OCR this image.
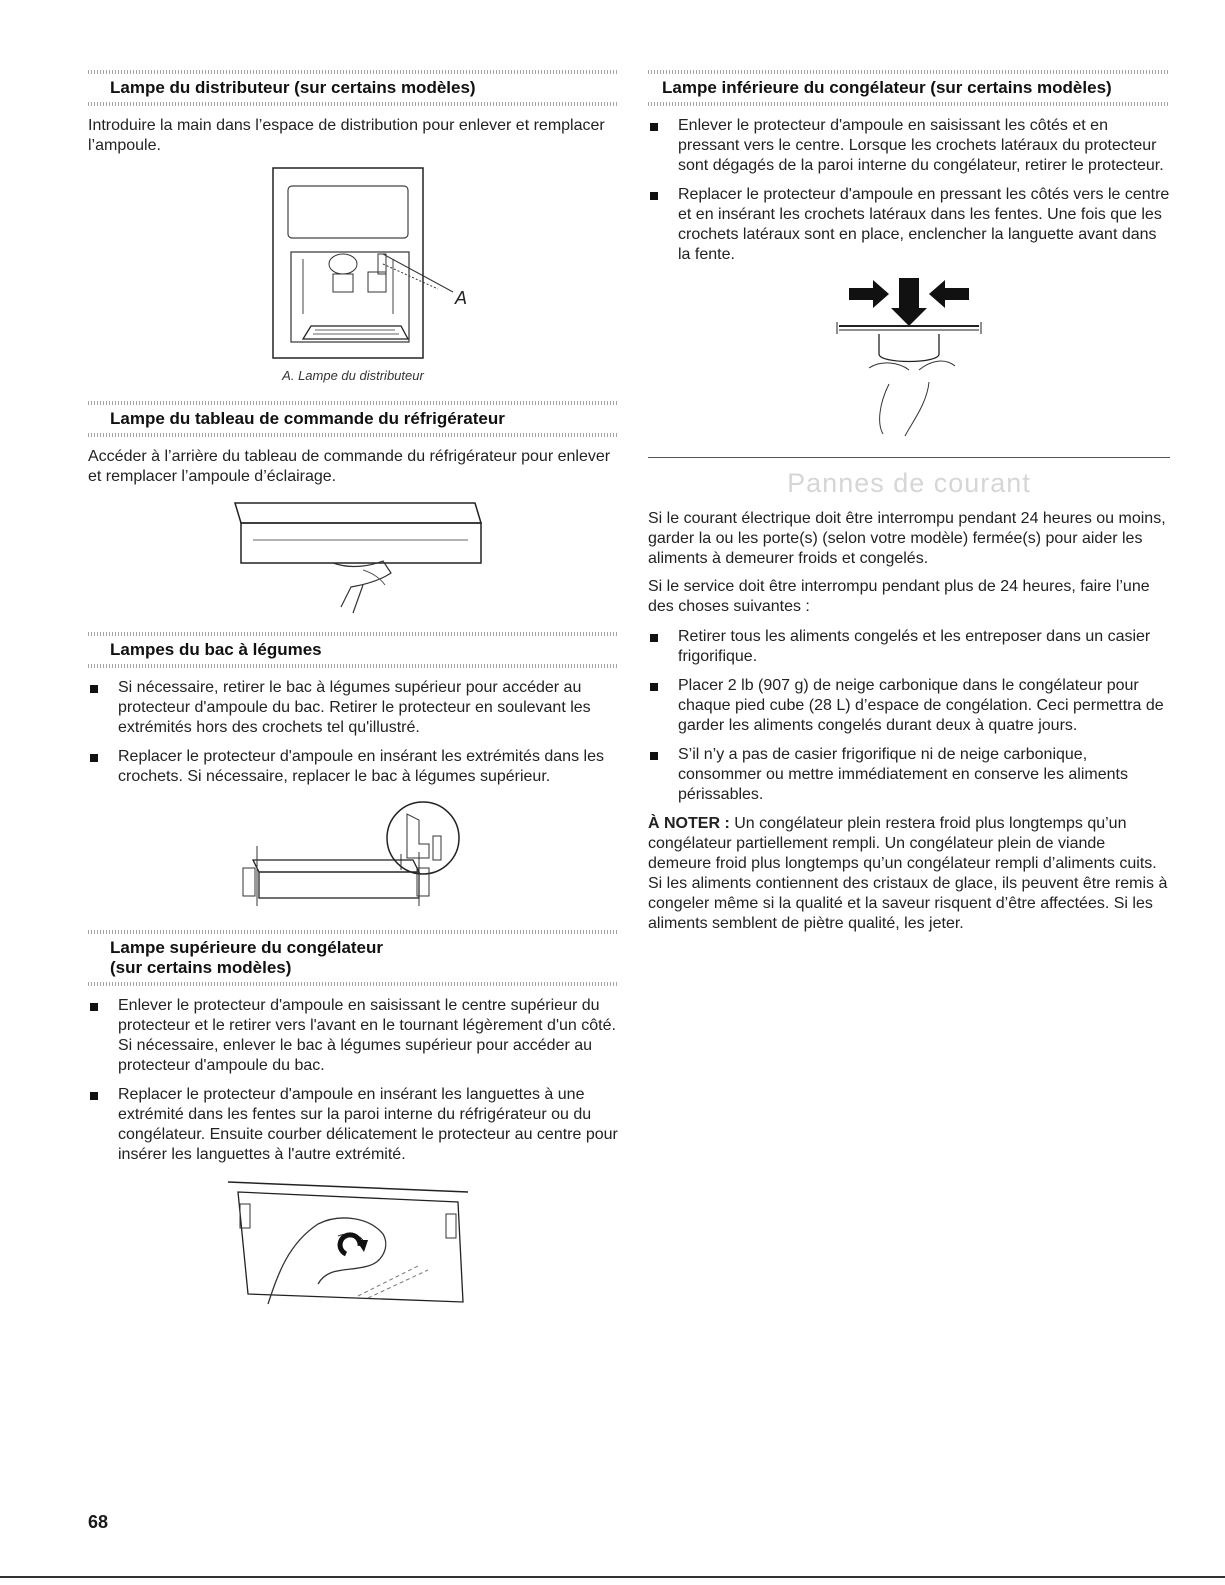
Lampe du distributeur (sur certains modèles)

Introduire la main dans l’espace de distribution pour enlever et remplacer l’ampoule.

A

A. Lampe du distributeur

Lampe du tableau de commande du réfrigérateur

Accéder à l’arrière du tableau de commande du réfrigérateur pour enlever et remplacer l’ampoule d’éclairage.

Lampes du bac à légumes
Si nécessaire, retirer le bac à légumes supérieur pour accéder au protecteur d'ampoule du bac. Retirer le protecteur en soulevant les extrémités hors des crochets tel qu'illustré.
Replacer le protecteur d'ampoule en insérant les extrémités dans les crochets. Si nécessaire, replacer le bac à légumes supérieur.
Lampe supérieure du congélateur
(sur certains modèles)
Enlever le protecteur d'ampoule en saisissant le centre supérieur du protecteur et le retirer vers l'avant en le tournant légèrement d'un côté. Si nécessaire, enlever le bac à légumes supérieur pour accéder au protecteur d'ampoule du bac.
Replacer le protecteur d'ampoule en insérant les languettes à une extrémité dans les fentes sur la paroi interne du réfrigérateur ou du congélateur. Ensuite courber délicatement le protecteur au centre pour insérer les languettes à l'autre extrémité.
Lampe inférieure du congélateur (sur certains modèles)
Enlever le protecteur d'ampoule en saisissant les côtés et en pressant vers le centre. Lorsque les crochets latéraux du protecteur sont dégagés de la paroi interne du congélateur, retirer le protecteur.
Replacer le protecteur d'ampoule en pressant les côtés vers le centre et en insérant les crochets latéraux dans les fentes. Une fois que les crochets latéraux sont en place, enclencher la languette avant dans la fente.
Pannes de courant

Si le courant électrique doit être interrompu pendant 24 heures ou moins, garder la ou les porte(s) (selon votre modèle) fermée(s) pour aider les aliments à demeurer froids et congelés.

Si le service doit être interrompu pendant plus de 24 heures, faire l’une des choses suivantes :

Retirer tous les aliments congelés et les entreposer dans un casier frigorifique.
Placer 2 lb (907 g) de neige carbonique dans le congélateur pour chaque pied cube (28 L) d’espace de congélation. Ceci permettra de garder les aliments congelés durant deux à quatre jours.
S’il n’y a pas de casier frigorifique ni de neige carbonique, consommer ou mettre immédiatement en conserve les aliments périssables.

À NOTER : Un congélateur plein restera froid plus longtemps qu’un congélateur partiellement rempli. Un congélateur plein de viande demeure froid plus longtemps qu’un congélateur rempli d’aliments cuits. Si les aliments contiennent des cristaux de glace, ils peuvent être remis à congeler même si la qualité et la saveur risquent d’être affectées. Si les aliments semblent de piètre qualité, les jeter.

68
